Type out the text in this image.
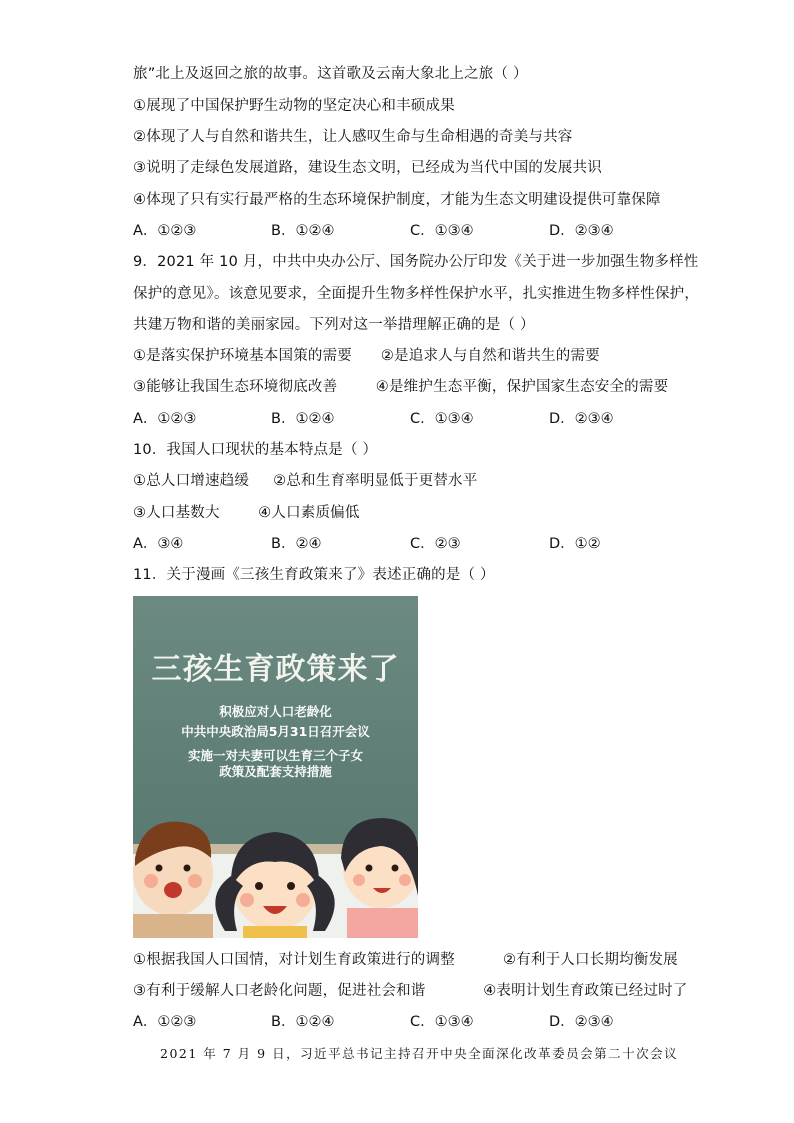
旅”北上及返回之旅的故事。这首歌及云南大象北上之旅（ ）
①展现了中国保护野生动物的坚定决心和丰硕成果
②体现了人与自然和谐共生，让人感叹生命与生命相遇的奇美与共容
③说明了走绿色发展道路，建设生态文明，已经成为当代中国的发展共识
④体现了只有实行最严格的生态环境保护制度，才能为生态文明建设提供可靠保障
A．①②③	B．①②④	C．①③④	D．②③④
9．2021 年 10 月，中共中央办公厅、国务院办公厅印发《关于进一步加强生物多样性
保护的意见》。该意见要求，全面提升生物多样性保护水平，扎实推进生物多样性保护，
共建万物和谐的美丽家园。下列对这一举措理解正确的是（ ）
①是落实保护环境基本国策的需要      ②是追求人与自然和谐共生的需要
③能够让我国生态环境彻底改善        ④是维护生态平衡，保护国家生态安全的需要
A．①②③	B．①②④	C．①③④	D．②③④
10．我国人口现状的基本特点是（ ）
①总人口增速趋缓     ②总和生育率明显低于更替水平
③人口基数大        ④人口素质偏低
A．③④	B．②④	C．②③	D．①②
11．关于漫画《三孩生育政策来了》表述正确的是（ ）
三孩生育政策来了
积极应对人口老龄化
中共中央政治局5月31日召开会议
实施一对夫妻可以生育三个子女
政策及配套支持措施
①根据我国人口国情，对计划生育政策进行的调整          ②有利于人口长期均衡发展
③有利于缓解人口老龄化问题，促进社会和谐            ④表明计划生育政策已经过时了
A．①②③	B．①②④	C．①③④	D．②③④
2021 年 7 月 9 日，习近平总书记主持召开中央全面深化改革委员会第二十次会议
